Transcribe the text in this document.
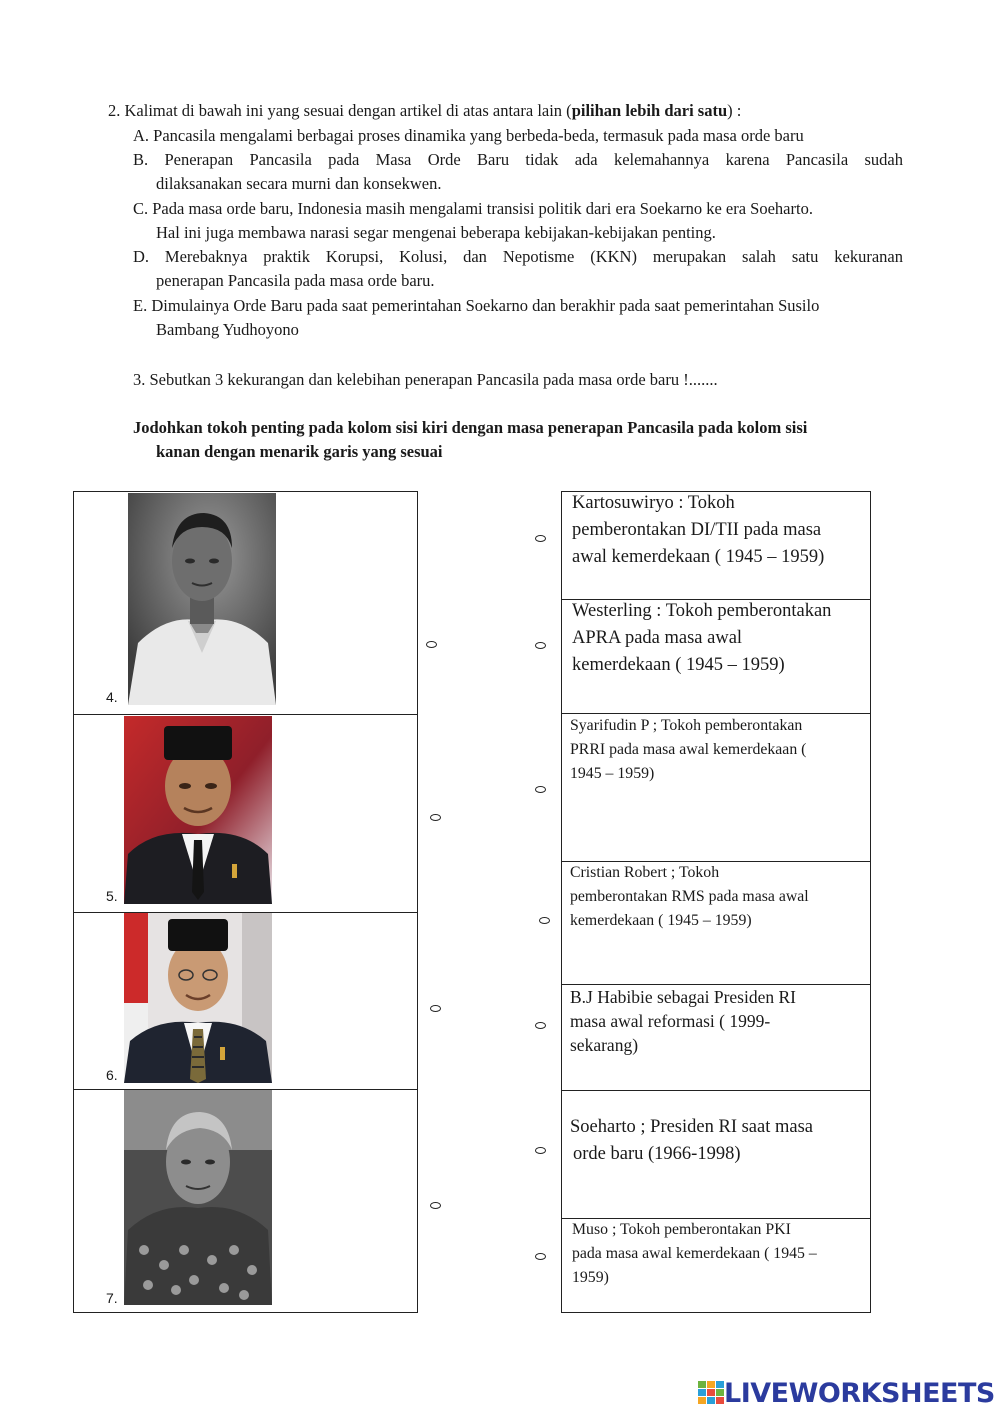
2. Kalimat di bawah ini yang sesuai dengan artikel di atas antara lain (pilihan lebih dari satu) :
A. Pancasila mengalami berbagai proses dinamika yang berbeda-beda, termasuk pada masa orde baru
B. Penerapan Pancasila pada Masa Orde Baru tidak ada kelemahannya karena Pancasila sudah
dilaksanakan secara murni dan konsekwen.
C. Pada masa orde baru, Indonesia masih mengalami transisi politik dari era Soekarno ke era Soeharto.
Hal ini juga membawa narasi segar mengenai beberapa kebijakan-kebijakan penting.
D. Merebaknya praktik Korupsi, Kolusi, dan Nepotisme (KKN) merupakan salah satu kekuranan
penerapan Pancasila pada masa orde baru.
E. Dimulainya Orde Baru pada saat pemerintahan Soekarno dan berakhir pada saat pemerintahan Susilo
Bambang Yudhoyono
3. Sebutkan 3 kekurangan dan kelebihan penerapan Pancasila pada masa orde baru !.......
Jodohkan tokoh penting pada kolom sisi kiri dengan masa penerapan Pancasila pada kolom sisi
kanan dengan menarik garis yang sesuai
4.
5.
6.
7.
Kartosuwiryo : Tokoh
pemberontakan DI/TII pada masa
awal kemerdekaan ( 1945 – 1959)
Westerling : Tokoh pemberontakan
APRA pada masa awal
kemerdekaan ( 1945 – 1959)
Syarifudin P ; Tokoh pemberontakan
PRRI pada masa awal kemerdekaan (
1945 – 1959)
Cristian Robert ; Tokoh
pemberontakan RMS pada masa awal
kemerdekaan ( 1945 – 1959)
B.J Habibie sebagai Presiden RI
masa awal reformasi ( 1999-
sekarang)
Soeharto ; Presiden RI saat masa
orde baru (1966-1998)
Muso ; Tokoh pemberontakan PKI
pada masa awal kemerdekaan ( 1945 –
1959)
LIVEWORKSHEETS
